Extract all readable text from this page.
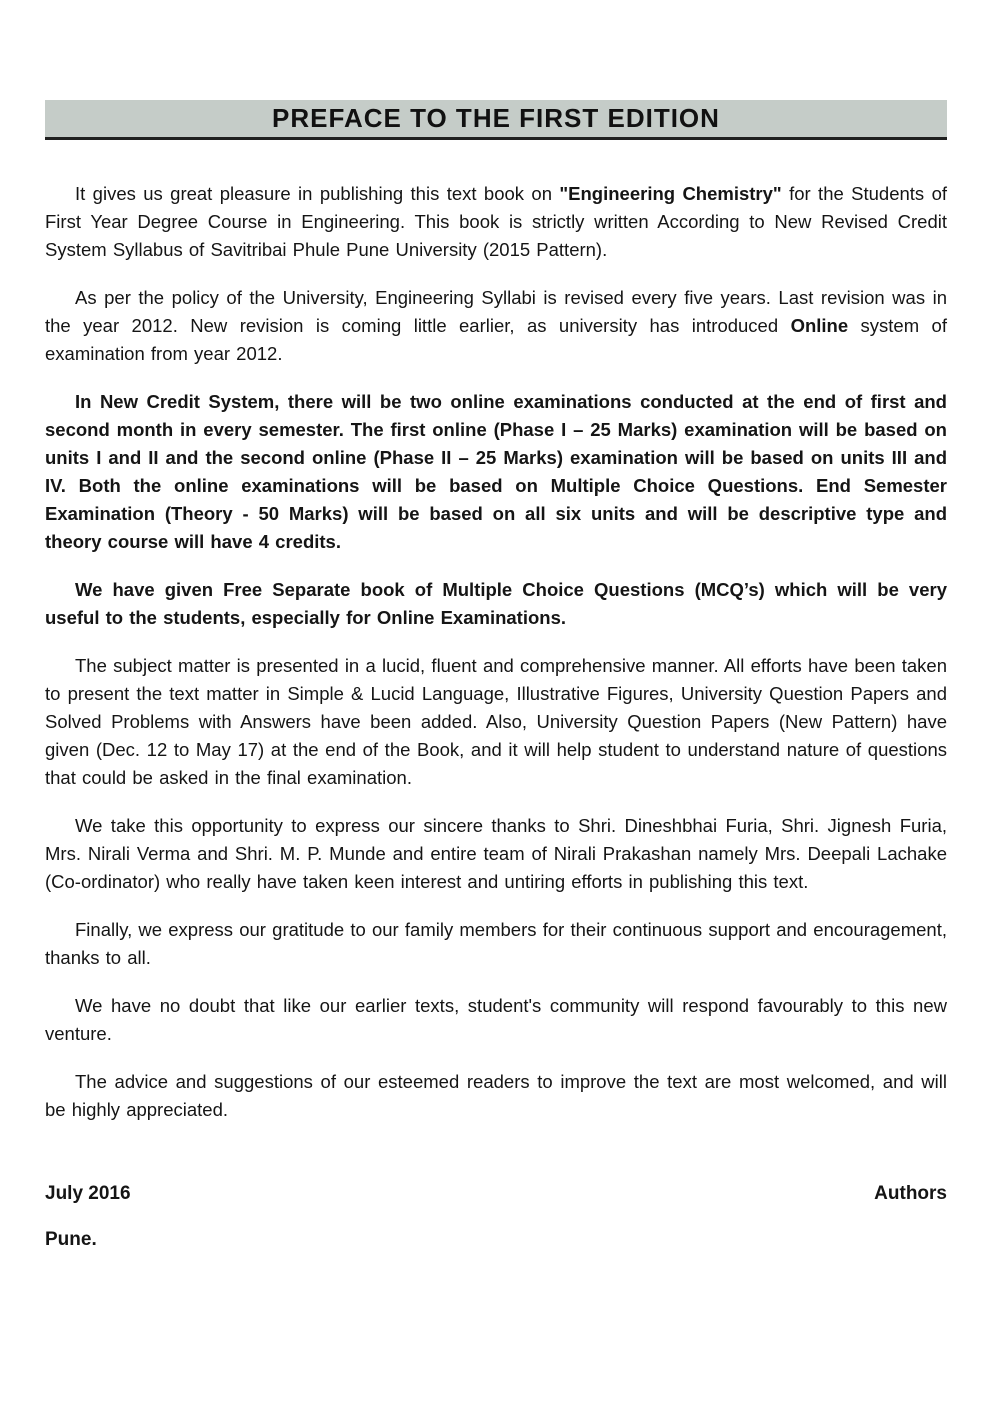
PREFACE TO THE FIRST EDITION

It gives us great pleasure in publishing this text book on "Engineering Chemistry" for the Students of First Year Degree Course in Engineering. This book is strictly written According to New Revised Credit System Syllabus of Savitribai Phule Pune University (2015 Pattern).

As per the policy of the University, Engineering Syllabi is revised every five years. Last revision was in the year 2012. New revision is coming little earlier, as university has introduced Online system of examination from year 2012.

In New Credit System, there will be two online examinations conducted at the end of first and second month in every semester. The first online (Phase I – 25 Marks) examination will be based on units I and II and the second online (Phase II – 25 Marks) examination will be based on units III and IV. Both the online examinations will be based on Multiple Choice Questions. End Semester Examination (Theory - 50 Marks) will be based on all six units and will be descriptive type and theory course will have 4 credits.

We have given Free Separate book of Multiple Choice Questions (MCQ’s) which will be very useful to the students, especially for Online Examinations.

The subject matter is presented in a lucid, fluent and comprehensive manner. All efforts have been taken to present the text matter in Simple & Lucid Language, Illustrative Figures, University Question Papers and Solved Problems with Answers have been added. Also, University Question Papers (New Pattern) have given (Dec. 12 to May 17) at the end of the Book, and it will help student to understand nature of questions that could be asked in the final examination.

We take this opportunity to express our sincere thanks to Shri. Dineshbhai Furia, Shri. Jignesh Furia, Mrs. Nirali Verma and Shri. M. P. Munde and entire team of Nirali Prakashan namely Mrs. Deepali Lachake (Co-ordinator) who really have taken keen interest and untiring efforts in publishing this text.

Finally, we express our gratitude to our family members for their continuous support and encouragement, thanks to all.

We have no doubt that like our earlier texts, student's community will respond favourably to this new venture.

The advice and suggestions of our esteemed readers to improve the text are most welcomed, and will be highly appreciated.

July 2016	Authors
Pune.
